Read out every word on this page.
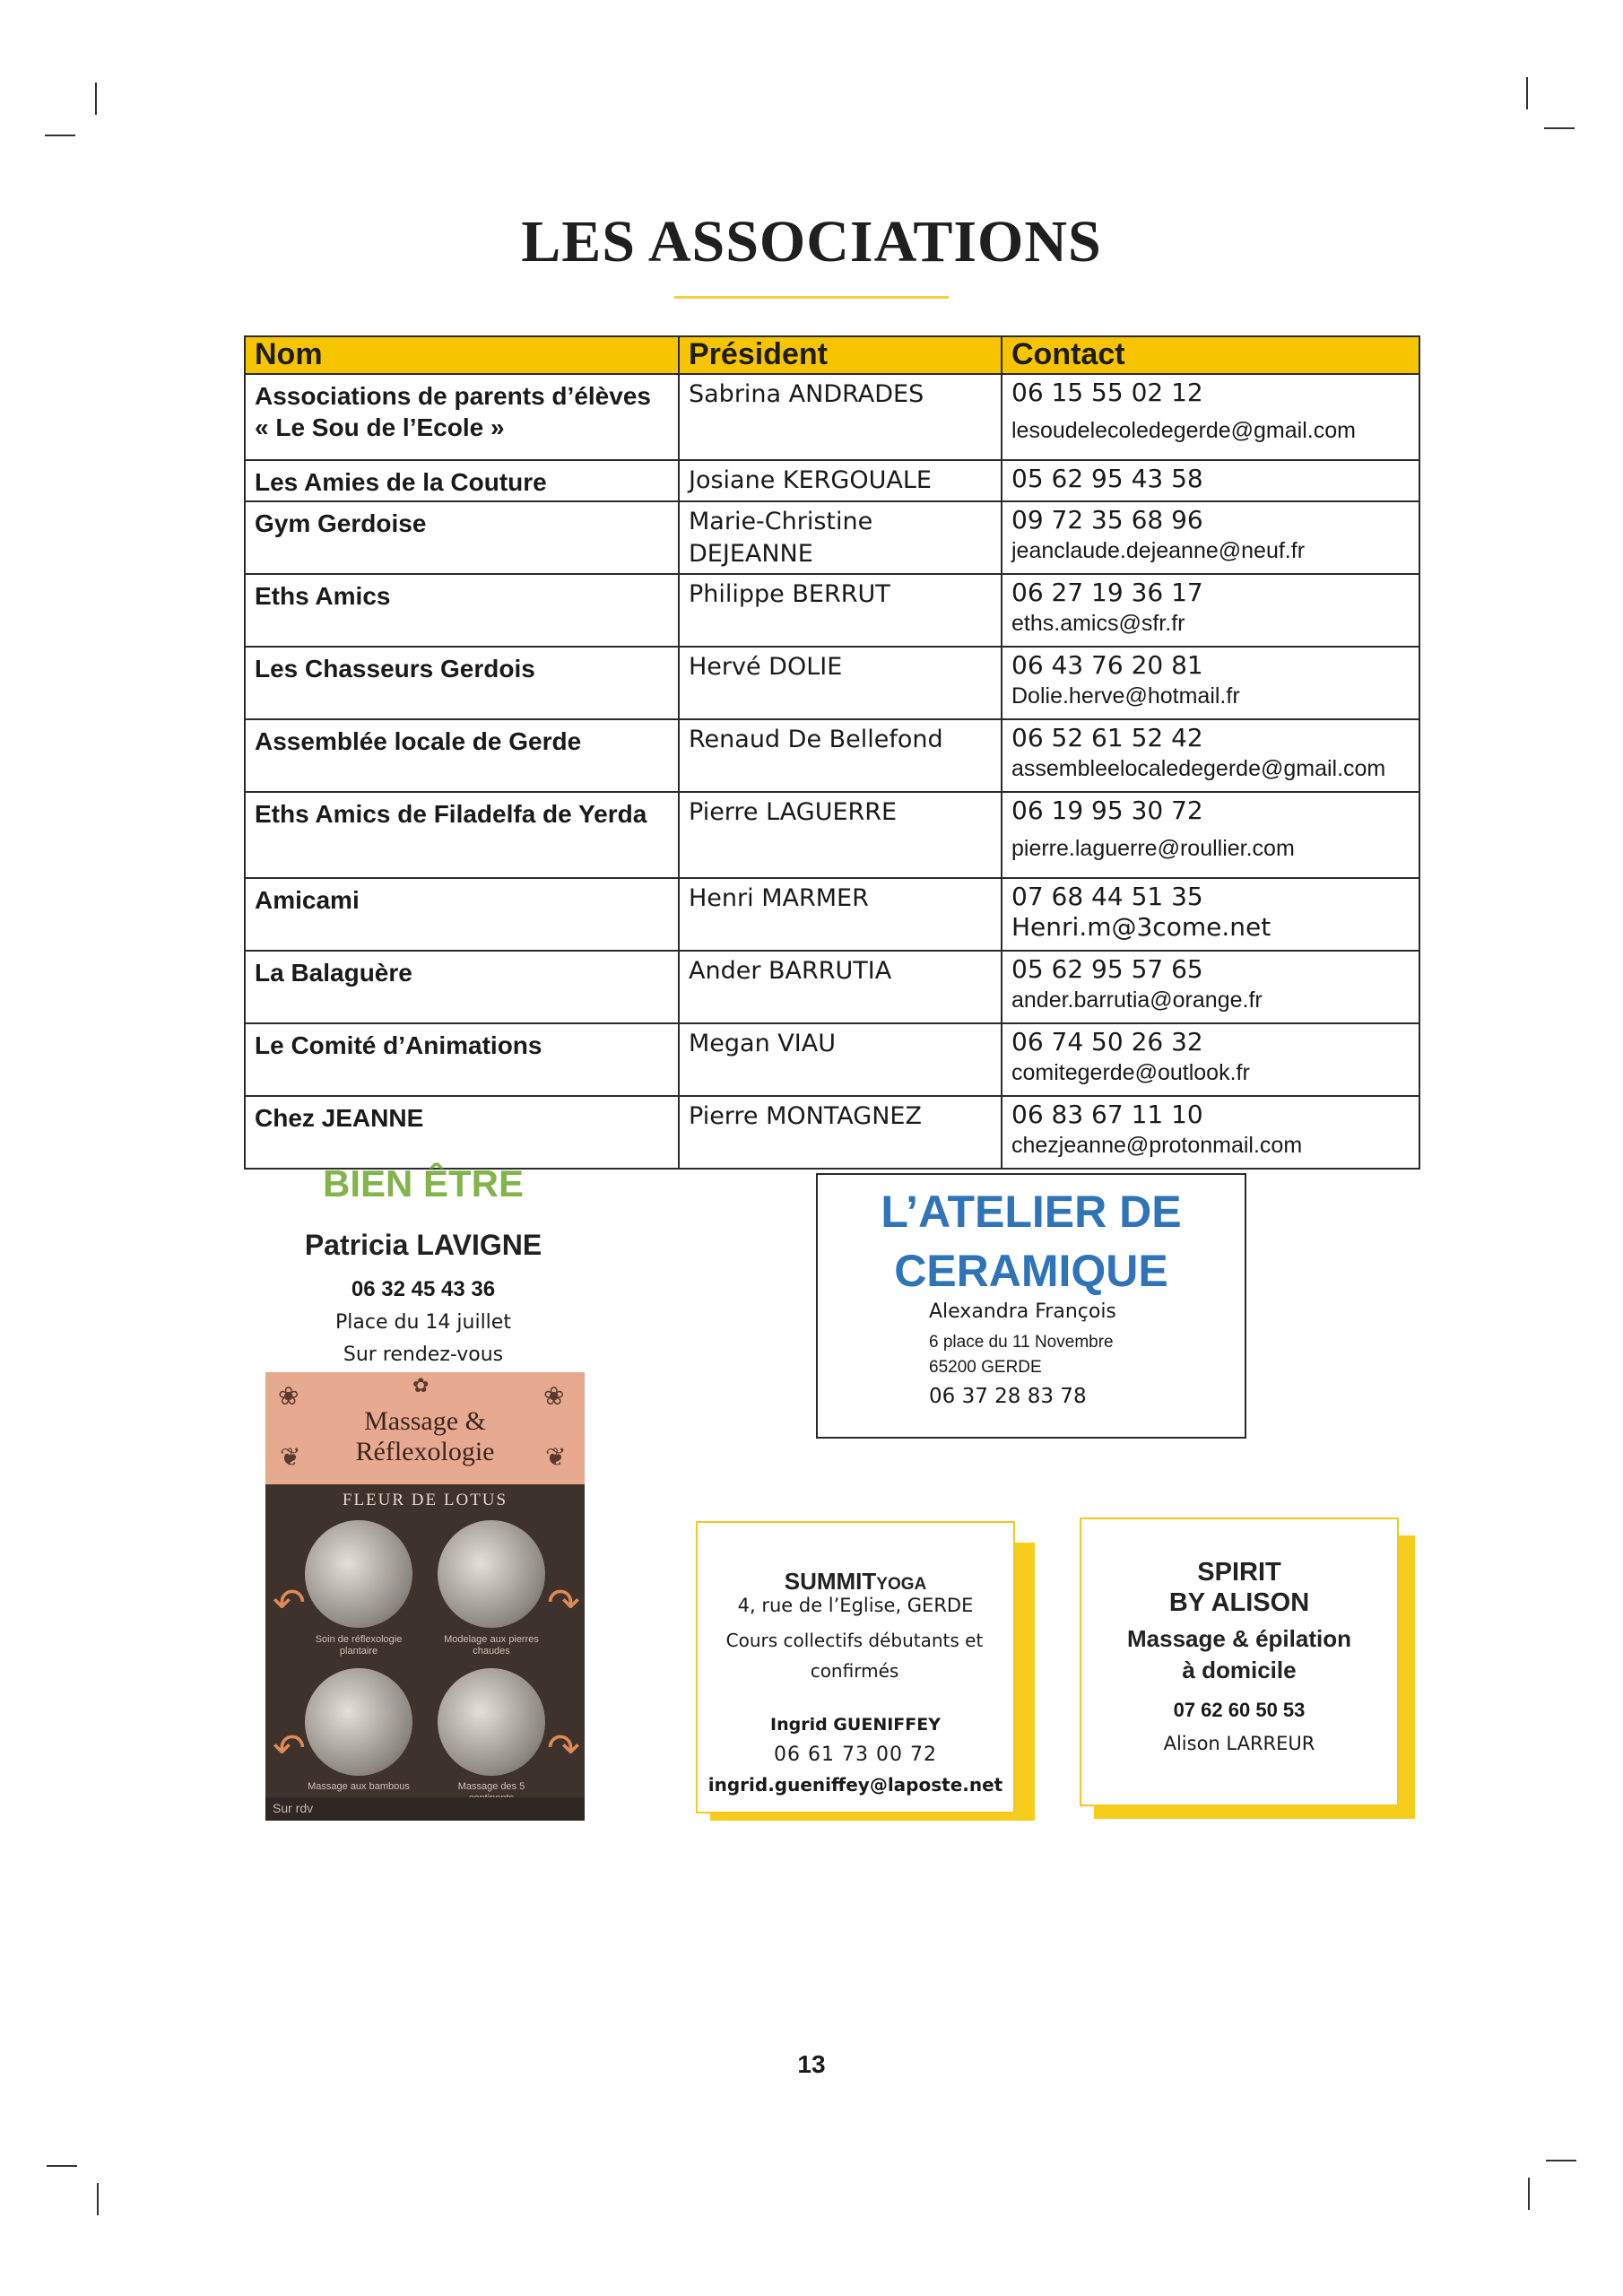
LES ASSOCIATIONS
Nom	Président	Contact
Associations de parents d’élèves « Le Sou de l’Ecole »	Sabrina ANDRADES	06 15 55 02 12
lesoudelecoledegerde@gmail.com

Les Amies de la Couture	Josiane KERGOUALE	05 62 95 43 58
Gym Gerdoise	Marie-Christine DEJEANNE	09 72 35 68 96
jeanclaude.dejeanne@neuf.fr

Eths Amics	Philippe BERRUT	06 27 19 36 17
eths.amics@sfr.fr

Les Chasseurs Gerdois	Hervé DOLIE	06 43 76 20 81
Dolie.herve@hotmail.fr

Assemblée locale de Gerde	Renaud De Bellefond	06 52 61 52 42
assembleelocaledegerde@gmail.com

Eths Amics de Filadelfa de Yerda	Pierre LAGUERRE	06 19 95 30 72
pierre.laguerre@roullier.com

Amicami	Henri MARMER	07 68 44 51 35
Henri.m@3come.net

La Balaguère	Ander BARRUTIA	05 62 95 57 65
ander.barrutia@orange.fr

Le Comité d’Animations	Megan VIAU	06 74 50 26 32
comitegerde@outlook.fr

Chez JEANNE	Pierre MONTAGNEZ	06 83 67 11 10
chezjeanne@protonmail.com
BIEN ÊTRE
Patricia LAVIGNE
06 32 45 43 36
Place du 14 juillet
Sur rendez-vous
❀	❀
✿
❦	❦
Massage &
Réflexologie
FLEUR DE LOTUS
↶	↷
↶	↷
Soin de réflexologie plantaire
Modelage aux pierres chaudes
Massage aux bambous	Massage des 5
Sur rdv
L’ATELIER DE
CERAMIQUE
Alexandra François
6 place du 11 Novembre
65200 GERDE
06 37 28 83 78
SUMMITYOGA
4, rue de l’Eglise, GERDE
Cours collectifs débutants et confirmés
Ingrid GUENIFFEY
06 61 73 00 72
ingrid.gueniffey@laposte.net
SPIRIT
BY ALISON
Massage & épilation
à domicile
07 62 60 50 53
Alison LARREUR
13
